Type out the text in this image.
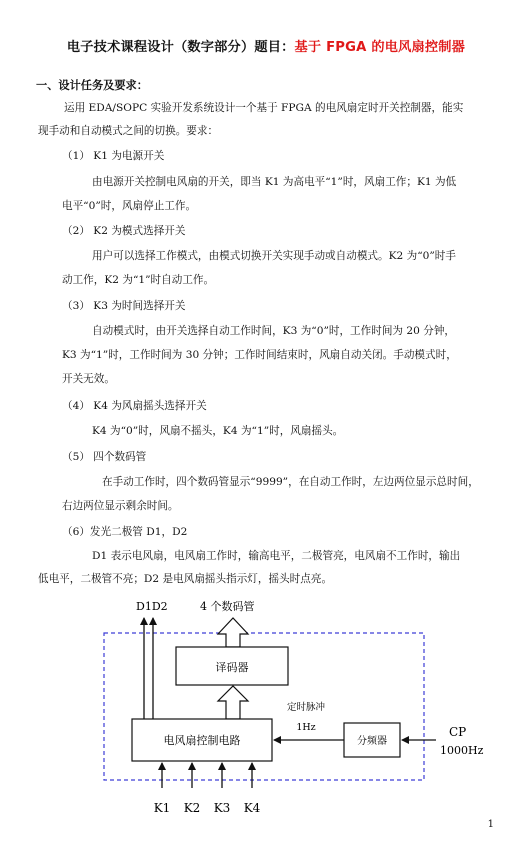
电子技术课程设计（数字部分）题目：基于 FPGA 的电风扇控制器
一、设计任务及要求：
运用 EDA/SOPC 实验开发系统设计一个基于 FPGA 的电风扇定时开关控制器，能实
现手动和自动模式之间的切换。要求：
（1） K1 为电源开关
由电源开关控制电风扇的开关，即当 K1 为高电平“1”时，风扇工作；K1 为低
电平“0”时，风扇停止工作。
（2） K2 为模式选择开关
用户可以选择工作模式，由模式切换开关实现手动或自动模式。K2 为“0”时手
动工作，K2 为“1”时自动工作。
（3） K3 为时间选择开关
自动模式时，由开关选择自动工作时间，K3 为“0”时，工作时间为 20 分钟，
K3 为“1”时，工作时间为 30 分钟；工作时间结束时，风扇自动关闭。手动模式时，
开关无效。
（4） K4 为风扇摇头选择开关
K4 为“0”时，风扇不摇头，K4 为“1”时，风扇摇头。
（5） 四个数码管
在手动工作时，四个数码管显示“9999”，在自动工作时，左边两位显示总时间，
右边两位显示剩余时间。
（6）发光二极管 D1，D2
D1 表示电风扇，电风扇工作时，输高电平，二极管亮，电风扇不工作时，输出
低电平，二极管不亮；D2 是电风扇摇头指示灯，摇头时点亮。
D1D2	4 个数码管
译码器
电风扇控制电路	分频器
定时脉冲
1Hz	CP
1000Hz
K1 K2 K3 K4
1
